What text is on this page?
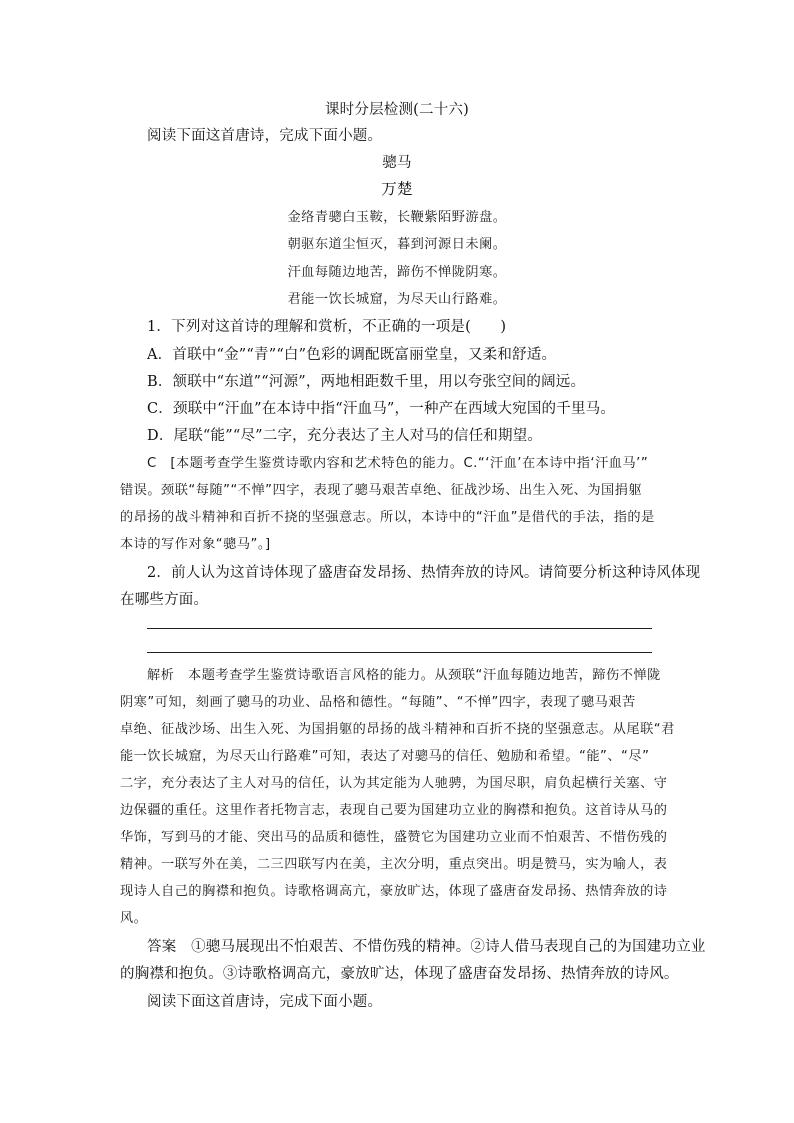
课时分层检测(二十六)
阅读下面这首唐诗，完成下面小题。
骢马
万楚
金络青骢白玉鞍，长鞭紫陌野游盘。
朝驱东道尘恒灭，暮到河源日未阑。
汗血每随边地苦，蹄伤不惮陇阴寒。
君能一饮长城窟，为尽天山行路难。
1．下列对这首诗的理解和赏析，不正确的一项是(　　)
A．首联中“金”“青”“白”色彩的调配既富丽堂皇，又柔和舒适。
B．颔联中“东道”“河源”，两地相距数千里，用以夸张空间的阔远。
C．颈联中“汗血”在本诗中指“汗血马”，一种产在西域大宛国的千里马。
D．尾联“能”“尽”二字，充分表达了主人对马的信任和期望。
C　[本题考查学生鉴赏诗歌内容和艺术特色的能力。C.“‘汗血’在本诗中指‘汗血马’”
错误。颈联“每随”“不惮”四字，表现了骢马艰苦卓绝、征战沙场、出生入死、为国捐躯
的昂扬的战斗精神和百折不挠的坚强意志。所以，本诗中的“汗血”是借代的手法，指的是
本诗的写作对象“骢马”。]
2．前人认为这首诗体现了盛唐奋发昂扬、热情奔放的诗风。请简要分析这种诗风体现
在哪些方面。
解析　本题考查学生鉴赏诗歌语言风格的能力。从颈联“汗血每随边地苦，蹄伤不惮陇
阴寒”可知，刻画了骢马的功业、品格和德性。“每随”、“不惮”四字，表现了骢马艰苦
卓绝、征战沙场、出生入死、为国捐躯的昂扬的战斗精神和百折不挠的坚强意志。从尾联“君
能一饮长城窟，为尽天山行路难”可知，表达了对骢马的信任、勉励和希望。“能”、“尽”
二字，充分表达了主人对马的信任，认为其定能为人驰骋，为国尽职，肩负起横行关塞、守
边保疆的重任。这里作者托物言志，表现自己要为国建功立业的胸襟和抱负。这首诗从马的
华饰，写到马的才能、突出马的品质和德性，盛赞它为国建功立业而不怕艰苦、不惜伤残的
精神。一联写外在美，二三四联写内在美，主次分明，重点突出。明是赞马，实为喻人，表
现诗人自己的胸襟和抱负。诗歌格调高亢，豪放旷达，体现了盛唐奋发昂扬、热情奔放的诗
风。
答案　①骢马展现出不怕艰苦、不惜伤残的精神。②诗人借马表现自己的为国建功立业
的胸襟和抱负。③诗歌格调高亢，豪放旷达，体现了盛唐奋发昂扬、热情奔放的诗风。
阅读下面这首唐诗，完成下面小题。
